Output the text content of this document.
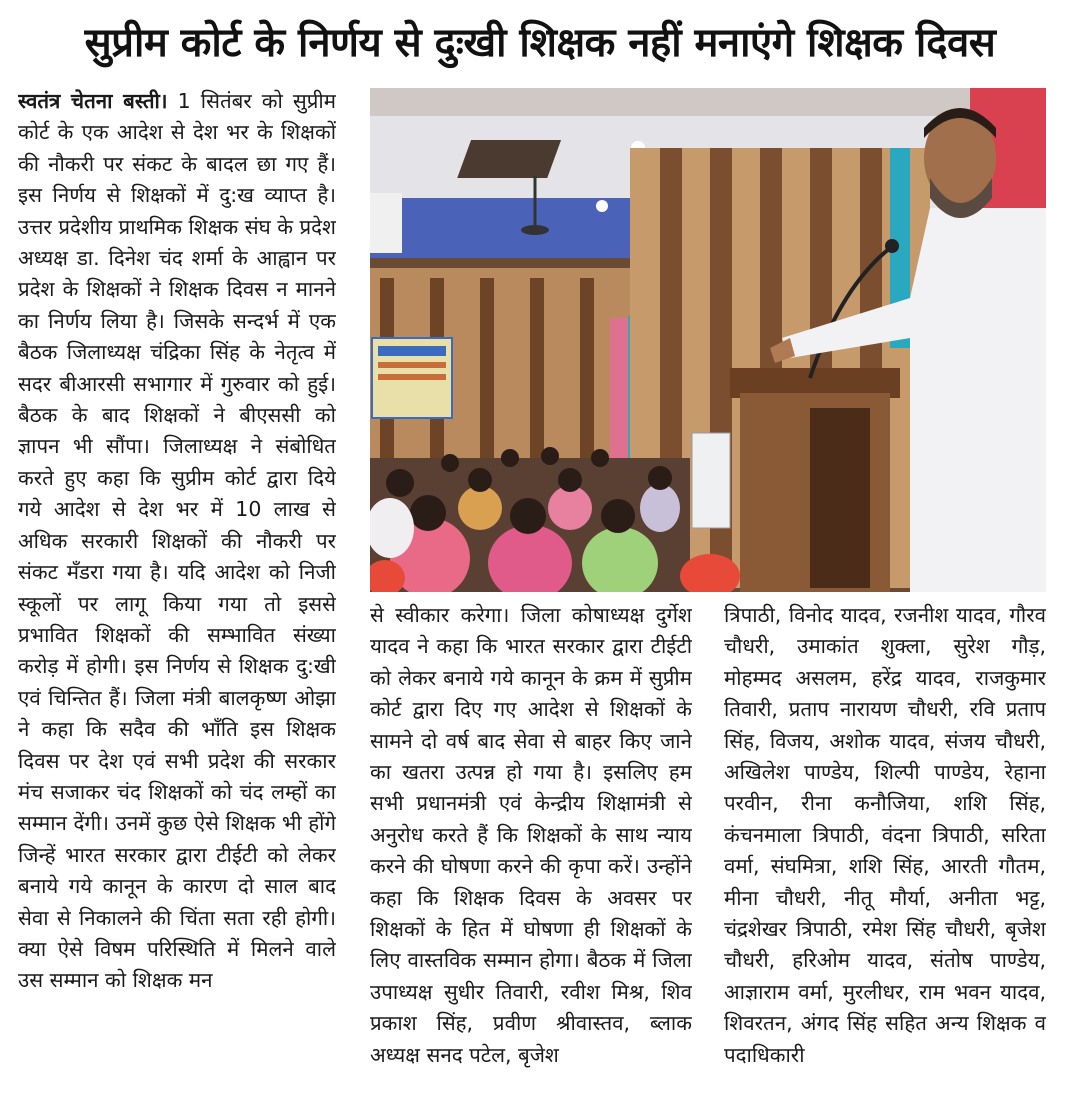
सुप्रीम कोर्ट के निर्णय से दुःखी शिक्षक नहीं मनाएंगे शिक्षक दिवस

स्वतंत्र चेतना बस्ती। 1 सितंबर को सुप्रीम कोर्ट के एक आदेश से देश भर के शिक्षकों की नौकरी पर संकट के बादल छा गए हैं।इस निर्णय से शिक्षकों में दु:ख व्याप्त है। उत्तर प्रदेशीय प्राथमिक शिक्षक संघ के प्रदेश अध्यक्ष डा. दिनेश चंद शर्मा के आह्वान पर प्रदेश के शिक्षकों ने शिक्षक दिवस न मानने का निर्णय लिया है। जिसके सन्दर्भ में एक बैठक जिलाध्यक्ष चंद्रिका सिंह के नेतृत्व में सदर बीआरसी सभागार में गुरुवार को हुई। बैठक के बाद शिक्षकों ने बीएससी को ज्ञापन भी सौंपा। जिलाध्यक्ष ने संबोधित करते हुए कहा कि सुप्रीम कोर्ट द्वारा दिये गये आदेश से देश भर में 10 लाख से अधिक सरकारी शिक्षकों की नौकरी पर संकट मँडरा गया है। यदि आदेश को निजी स्कूलों पर लागू किया गया तो इससे प्रभावित शिक्षकों की सम्भावित संख्या करोड़ में होगी। इस निर्णय से शिक्षक दु:खी एवं चिन्तित हैं। जिला मंत्री बालकृष्ण ओझा ने कहा कि सदैव की भाँति इस शिक्षक दिवस पर देश एवं सभी प्रदेश की सरकार मंच सजाकर चंद शिक्षकों को चंद लम्हों का सम्मान देंगी। उनमें कुछ ऐसे शिक्षक भी होंगे जिन्हें भारत सरकार द्वारा टीईटी को लेकर बनाये गये कानून के कारण दो साल बाद सेवा से निकालने की चिंता सता रही होगी। क्या ऐसे विषम परिस्थिति में मिलने वाले उस सम्मान को शिक्षक मन

से स्वीकार करेगा। जिला कोषाध्यक्ष दुर्गेश यादव ने कहा कि भारत सरकार द्वारा टीईटी को लेकर बनाये गये कानून के क्रम में सुप्रीम कोर्ट द्वारा दिए गए आदेश से शिक्षकों के सामने दो वर्ष बाद सेवा से बाहर किए जाने का खतरा उत्पन्न हो गया है। इसलिए हम सभी प्रधानमंत्री एवं केन्द्रीय शिक्षामंत्री से अनुरोध करते हैं कि शिक्षकों के साथ न्याय करने की घोषणा करने की कृपा करें। उन्होंने कहा कि शिक्षक दिवस के अवसर पर शिक्षकों के हित में घोषणा ही शिक्षकों के लिए वास्तविक सम्मान होगा। बैठक में जिला उपाध्यक्ष सुधीर तिवारी, रवीश मिश्र, शिव प्रकाश सिंह, प्रवीण श्रीवास्तव, ब्लाक अध्यक्ष सनद पटेल, बृजेश

त्रिपाठी, विनोद यादव, रजनीश यादव, गौरव चौधरी, उमाकांत शुक्ला, सुरेश गौड़, मोहम्मद असलम, हरेंद्र यादव, राजकुमार तिवारी, प्रताप नारायण चौधरी, रवि प्रताप सिंह, विजय, अशोक यादव, संजय चौधरी, अखिलेश पाण्डेय, शिल्पी पाण्डेय, रेहाना परवीन, रीना कनौजिया, शशि सिंह, कंचनमाला त्रिपाठी, वंदना त्रिपाठी, सरिता वर्मा, संघमित्रा, शशि सिंह, आरती गौतम, मीना चौधरी, नीतू मौर्या, अनीता भट्ट, चंद्रशेखर त्रिपाठी, रमेश सिंह चौधरी, बृजेश चौधरी, हरिओम यादव, संतोष पाण्डेय, आज्ञाराम वर्मा, मुरलीधर, राम भवन यादव, शिवरतन, अंगद सिंह सहित अन्य शिक्षक व पदाधिकारी
